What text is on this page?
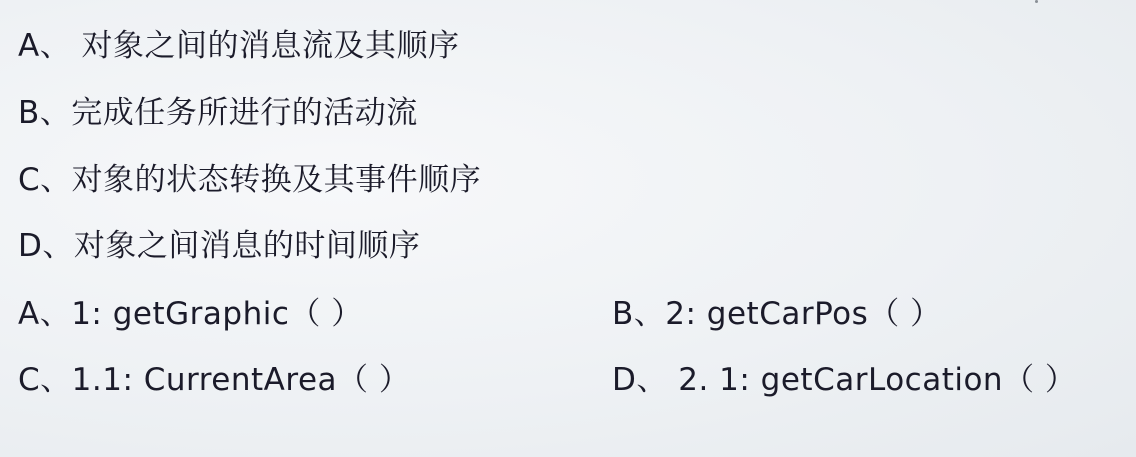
A、 对象之间的消息流及其顺序
B、完成任务所进行的活动流
C、对象的状态转换及其事件顺序
D、对象之间消息的时间顺序
A、1: getGraphic（ ）	B、2: getCarPos（ ）
C、1.1: CurrentArea（ ）	D、 2. 1: getCarLocation（ ）
